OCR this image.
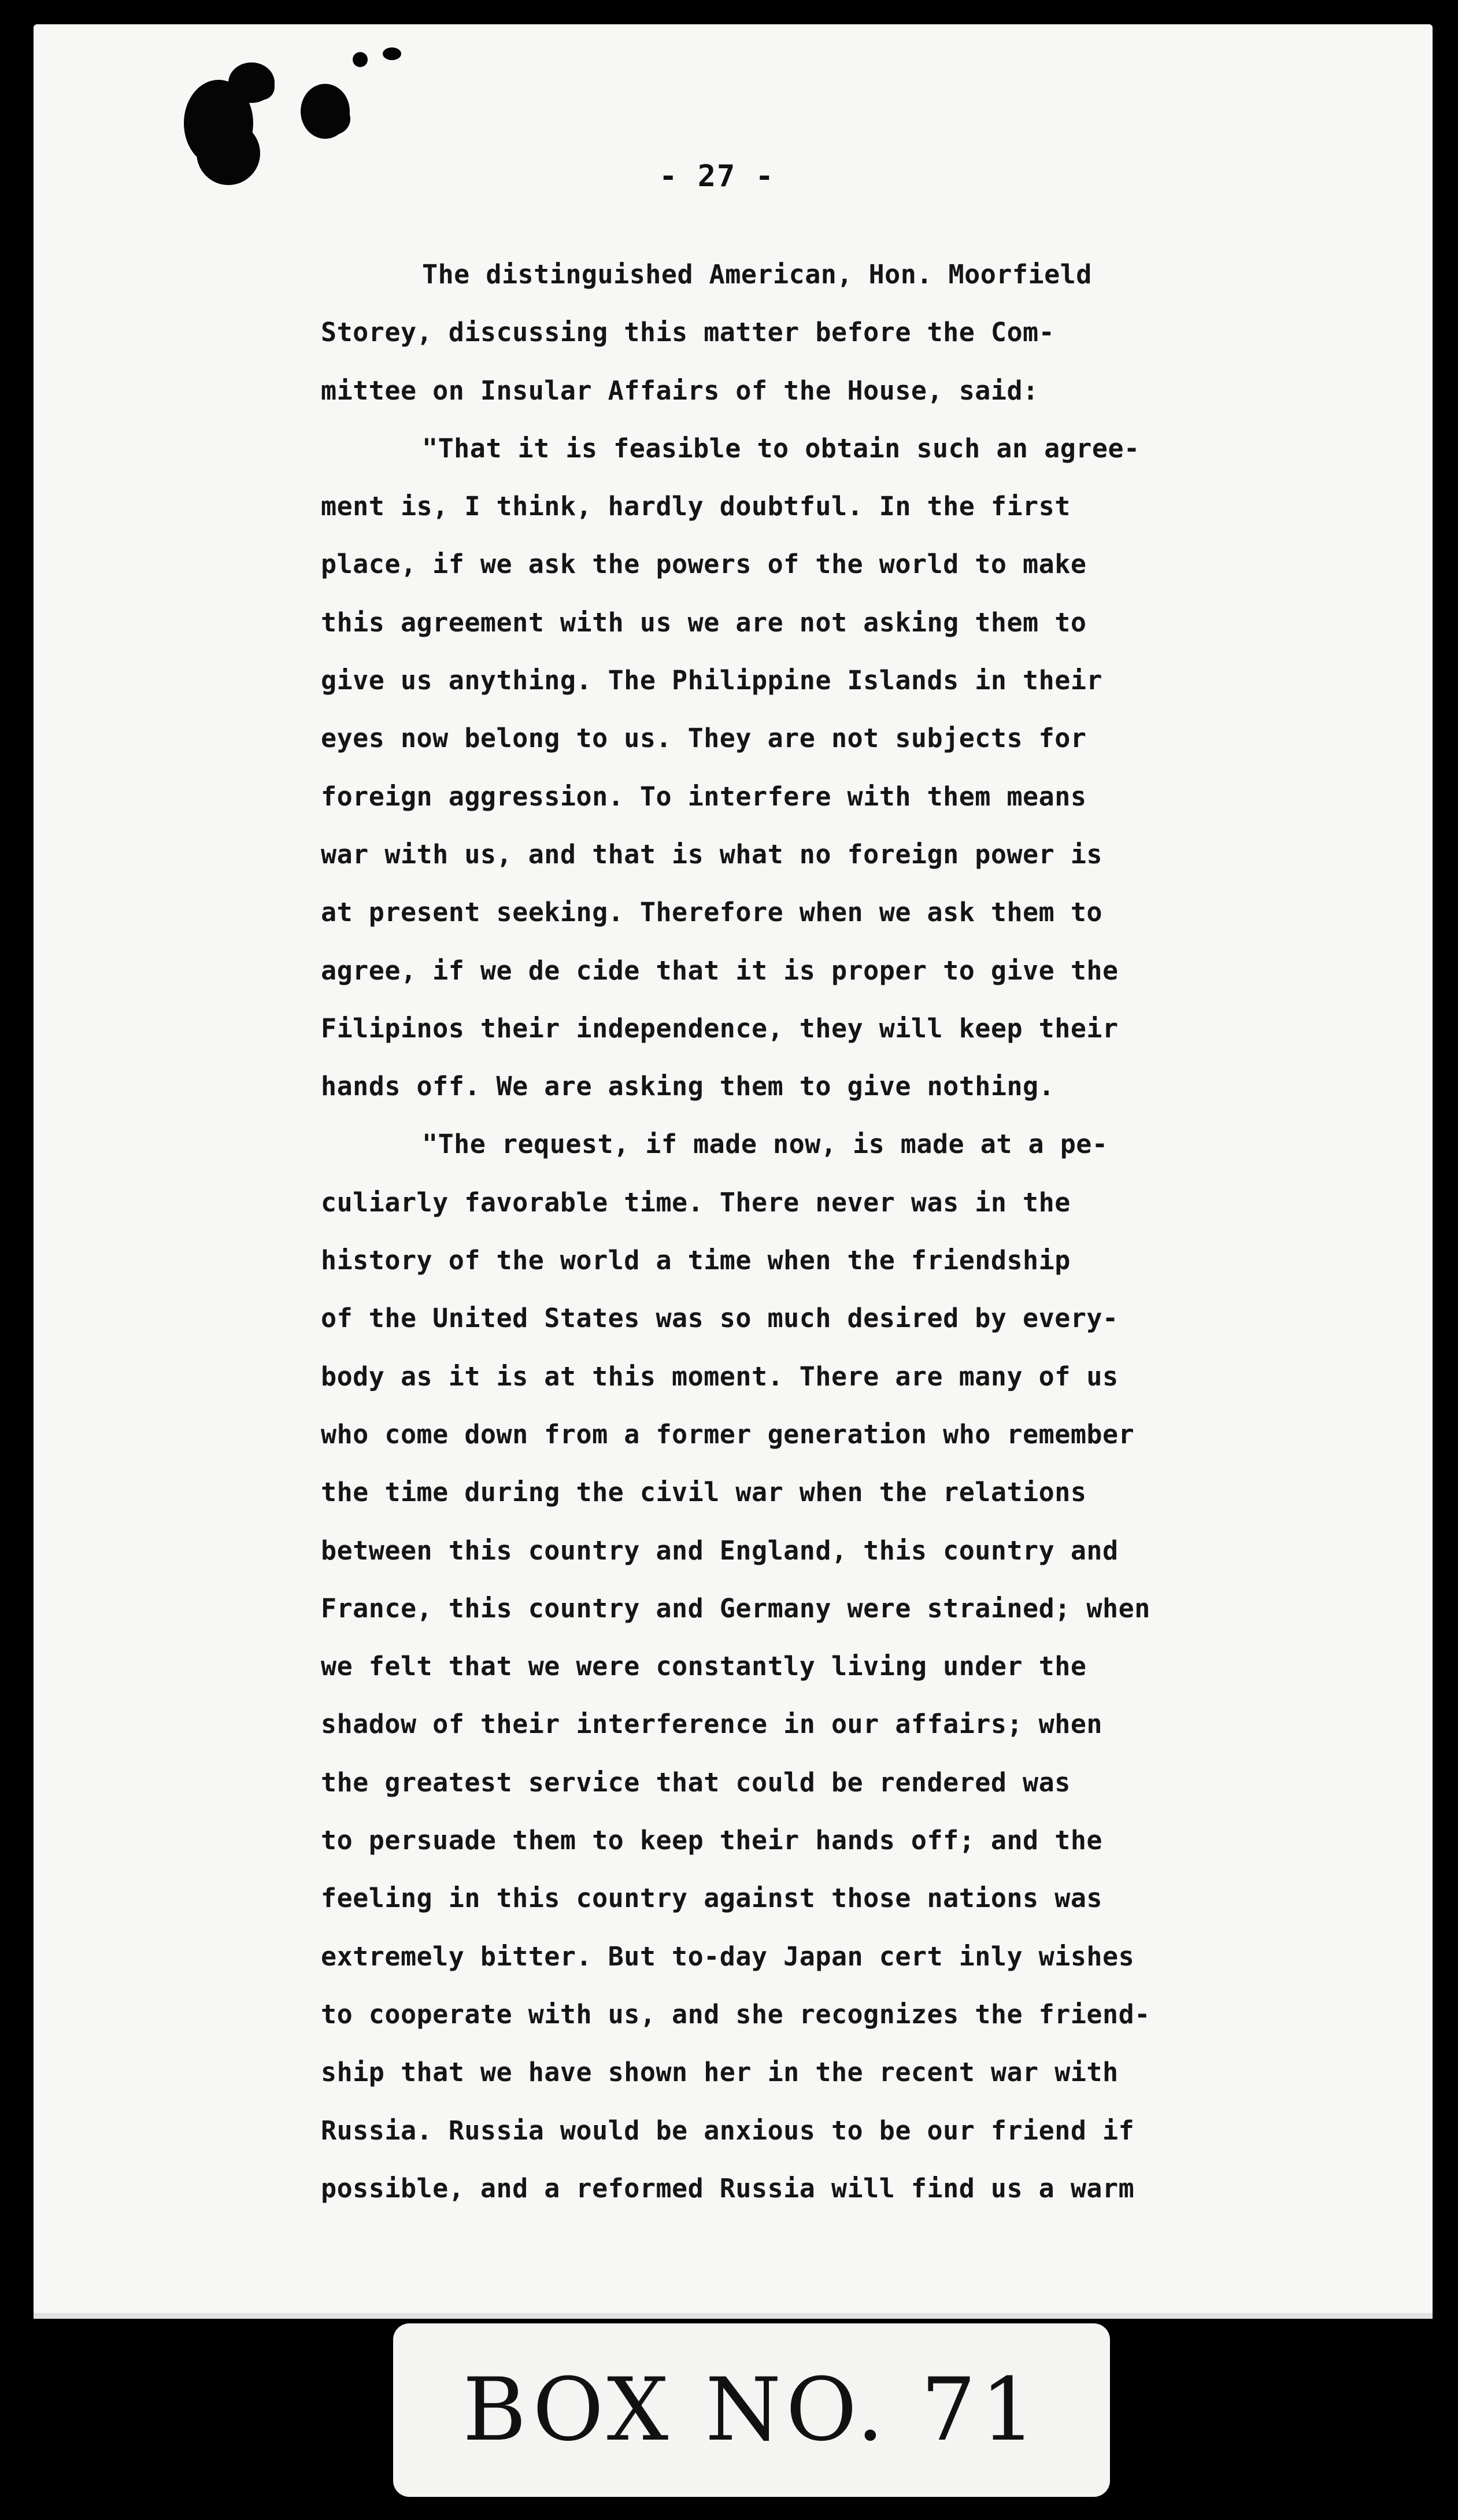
- 27 -
The distinguished American, Hon. Moorfield
Storey, discussing this matter before the Com-
mittee on Insular Affairs of the House, said:
"That it is feasible to obtain such an agree-
ment is, I think, hardly doubtful. In the first
place, if we ask the powers of the world to make
this agreement with us we are not asking them to
give us anything. The Philippine Islands in their
eyes now belong to us. They are not subjects for
foreign aggression. To interfere with them means
war with us, and that is what no foreign power is
at present seeking. Therefore when we ask them to
agree, if we de cide that it is proper to give the
Filipinos their independence, they will keep their
hands off. We are asking them to give nothing.
"The request, if made now, is made at a pe-
culiarly favorable time. There never was in the
history of the world a time when the friendship
of the United States was so much desired by every-
body as it is at this moment. There are many of us
who come down from a former generation who remember
the time during the civil war when the relations
between this country and England, this country and
France, this country and Germany were strained; when
we felt that we were constantly living under the
shadow of their interference in our affairs; when
the greatest service that could be rendered was
to persuade them to keep their hands off; and the
feeling in this country against those nations was
extremely bitter. But to-day Japan cert inly wishes
to cooperate with us, and she recognizes the friend-
ship that we have shown her in the recent war with
Russia. Russia would be anxious to be our friend if
possible, and a reformed Russia will find us a warm
BOX NO. 71
